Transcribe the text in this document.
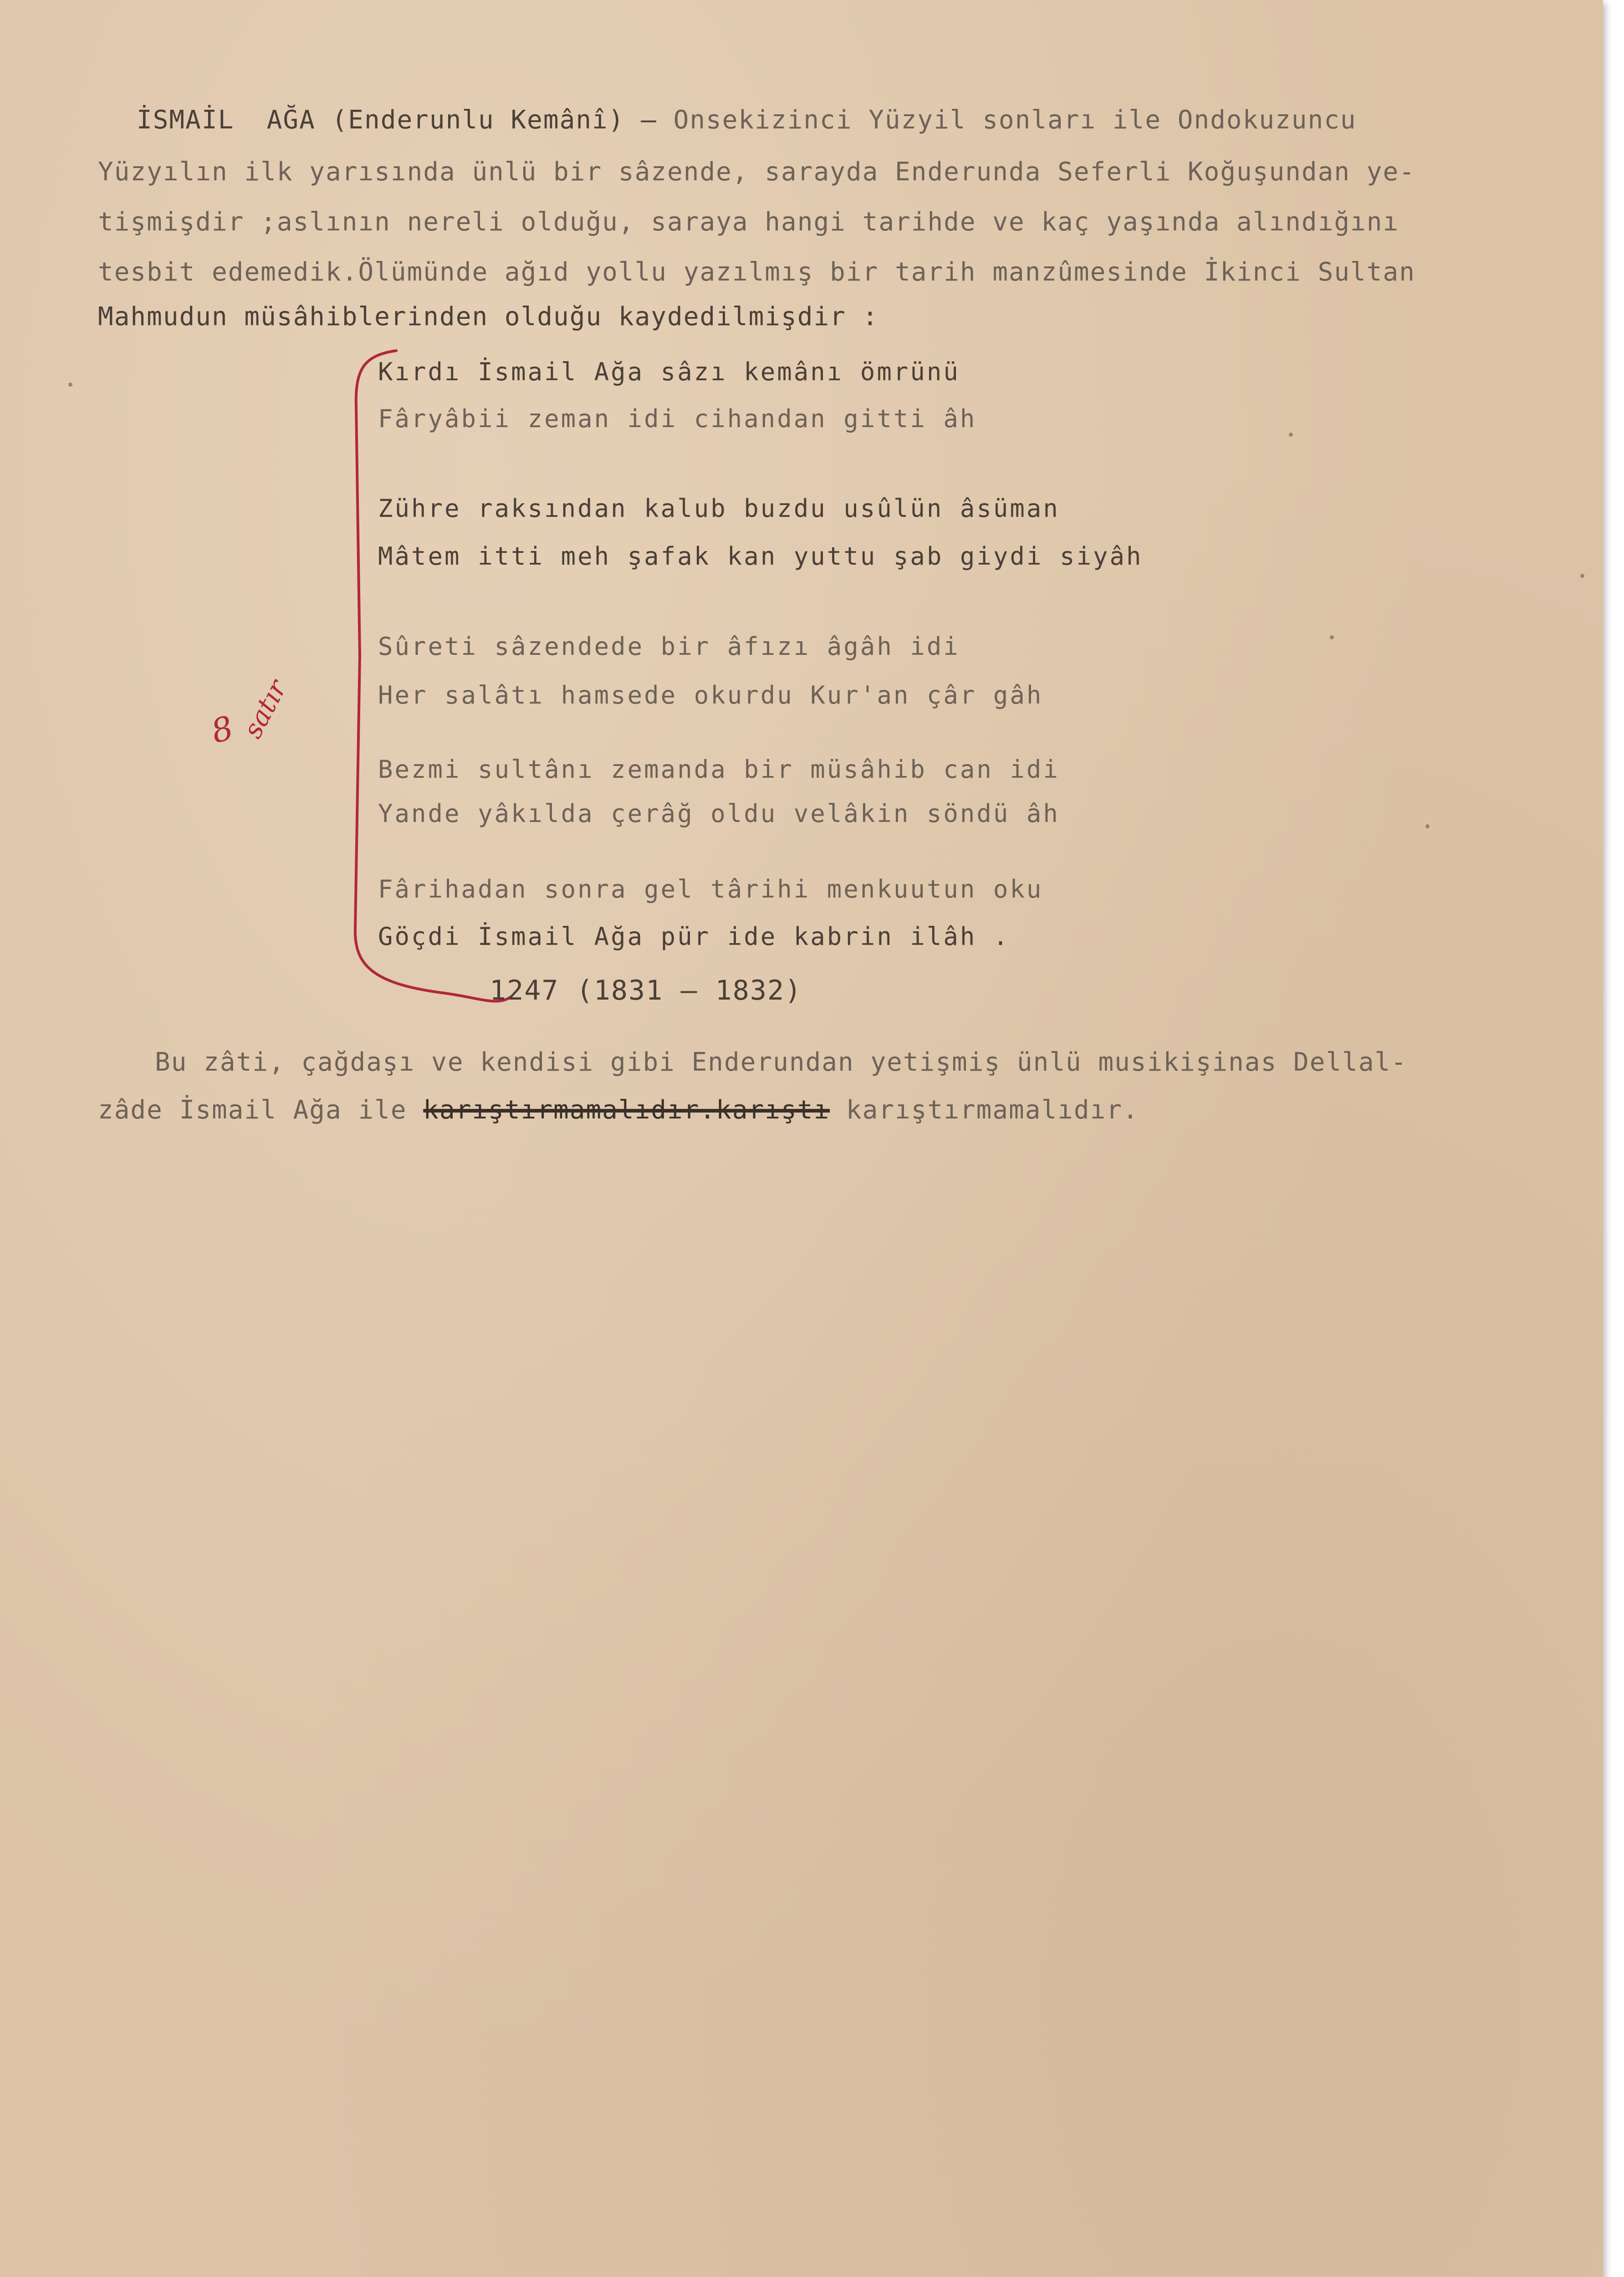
İSMAİL  AĞA (Enderunlu Kemânî) – Onsekizinci Yüzyil sonları ile Ondokuzuncu
Yüzyılın ilk yarısında ünlü bir sâzende, sarayda Enderunda Seferli Koğuşundan ye-
tişmişdir ;aslının nereli olduğu, saraya hangi tarihde ve kaç yaşında alındığını
tesbit edemedik.Ölümünde ağıd yollu yazılmış bir tarih manzûmesinde İkinci Sultan
Mahmudun müsâhiblerinden olduğu kaydedilmişdir :
Kırdı İsmail Ağa sâzı kemânı ömrünü
Fâryâbii zeman idi cihandan gitti âh
Zühre raksından kalub buzdu usûlün âsüman
Mâtem itti meh şafak kan yuttu şab giydi siyâh
Sûreti sâzendede bir âfızı âgâh idi
Her salâtı hamsede okurdu Kur'an çâr gâh
Bezmi sultânı zemanda bir müsâhib can idi
Yande yâkılda çerâğ oldu velâkin söndü âh
Fârihadan sonra gel târihi menkuutun oku
Göçdi İsmail Ağa pür ide kabrin ilâh .
1247 (1831 – 1832)
8 satır
Bu zâti, çağdaşı ve kendisi gibi Enderundan yetişmiş ünlü musikişinas Dellal-
zâde İsmail Ağa ile karıştırmamalıdır.karıştı karıştırmamalıdır.
